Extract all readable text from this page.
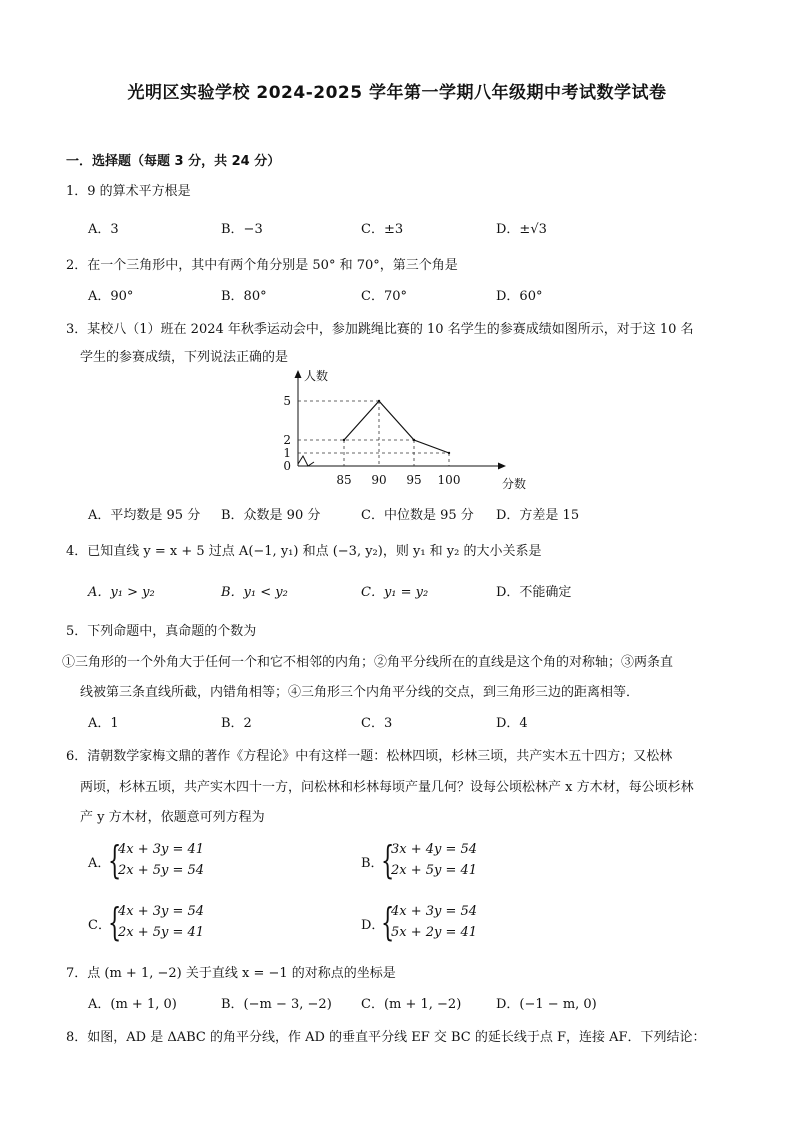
光明区实验学校 2024-2025 学年第一学期八年级期中考试数学试卷
一．选择题（每题 3 分，共 24 分）
1．9 的算术平方根是
A．3	B．−3	C．±3	D．±√3
2．在一个三角形中，其中有两个角分别是 50° 和 70°，第三个角是
A．90°	B．80°	C．70°	D．60°
3．某校八（1）班在 2024 年秋季运动会中，参加跳绳比赛的 10 名学生的参赛成绩如图所示，对于这 10 名
学生的参赛成绩，下列说法正确的是
85 90 95 100
0
1
2
5
分数
人数
A．平均数是 95 分 B．众数是 90 分	C．中位数是 95 分 D．方差是 15
4．已知直线 y = x + 5 过点 A(−1, y₁) 和点 (−3, y₂)，则 y₁ 和 y₂ 的大小关系是
A．y₁ > y₂	B．y₁ < y₂	C．y₁ = y₂	D．不能确定
5．下列命题中，真命题的个数为
①三角形的一个外角大于任何一个和它不相邻的内角；②角平分线所在的直线是这个角的对称轴；③两条直
线被第三条直线所截，内错角相等；④三角形三个内角平分线的交点，到三角形三边的距离相等．
A．1	B．2	C．3	D．4
6．清朝数学家梅文鼎的著作《方程论》中有这样一题：松林四顷，杉林三顷，共产实木五十四方；又松林
两顷，杉林五顷，共产实木四十一方，问松林和杉林每顷产量几何？设每公顷松林产 x 方木材，每公顷杉林
产 y 方木材，依题意可列方程为
A．
{
4x + 3y = 41
2x + 5y = 54	B．
{
3x + 4y = 54
2x + 5y = 41
C．
{
4x + 3y = 54
2x + 5y = 41	D．
{
4x + 3y = 54
5x + 2y = 41
7．点 (m + 1, −2) 关于直线 x = −1 的对称点的坐标是
A．(m + 1, 0)	B．(−m − 3, −2) C．(m + 1, −2)	D．(−1 − m, 0)
8．如图，AD 是 ΔABC 的角平分线，作 AD 的垂直平分线 EF 交 BC 的延长线于点 F，连接 AF．下列结论：
